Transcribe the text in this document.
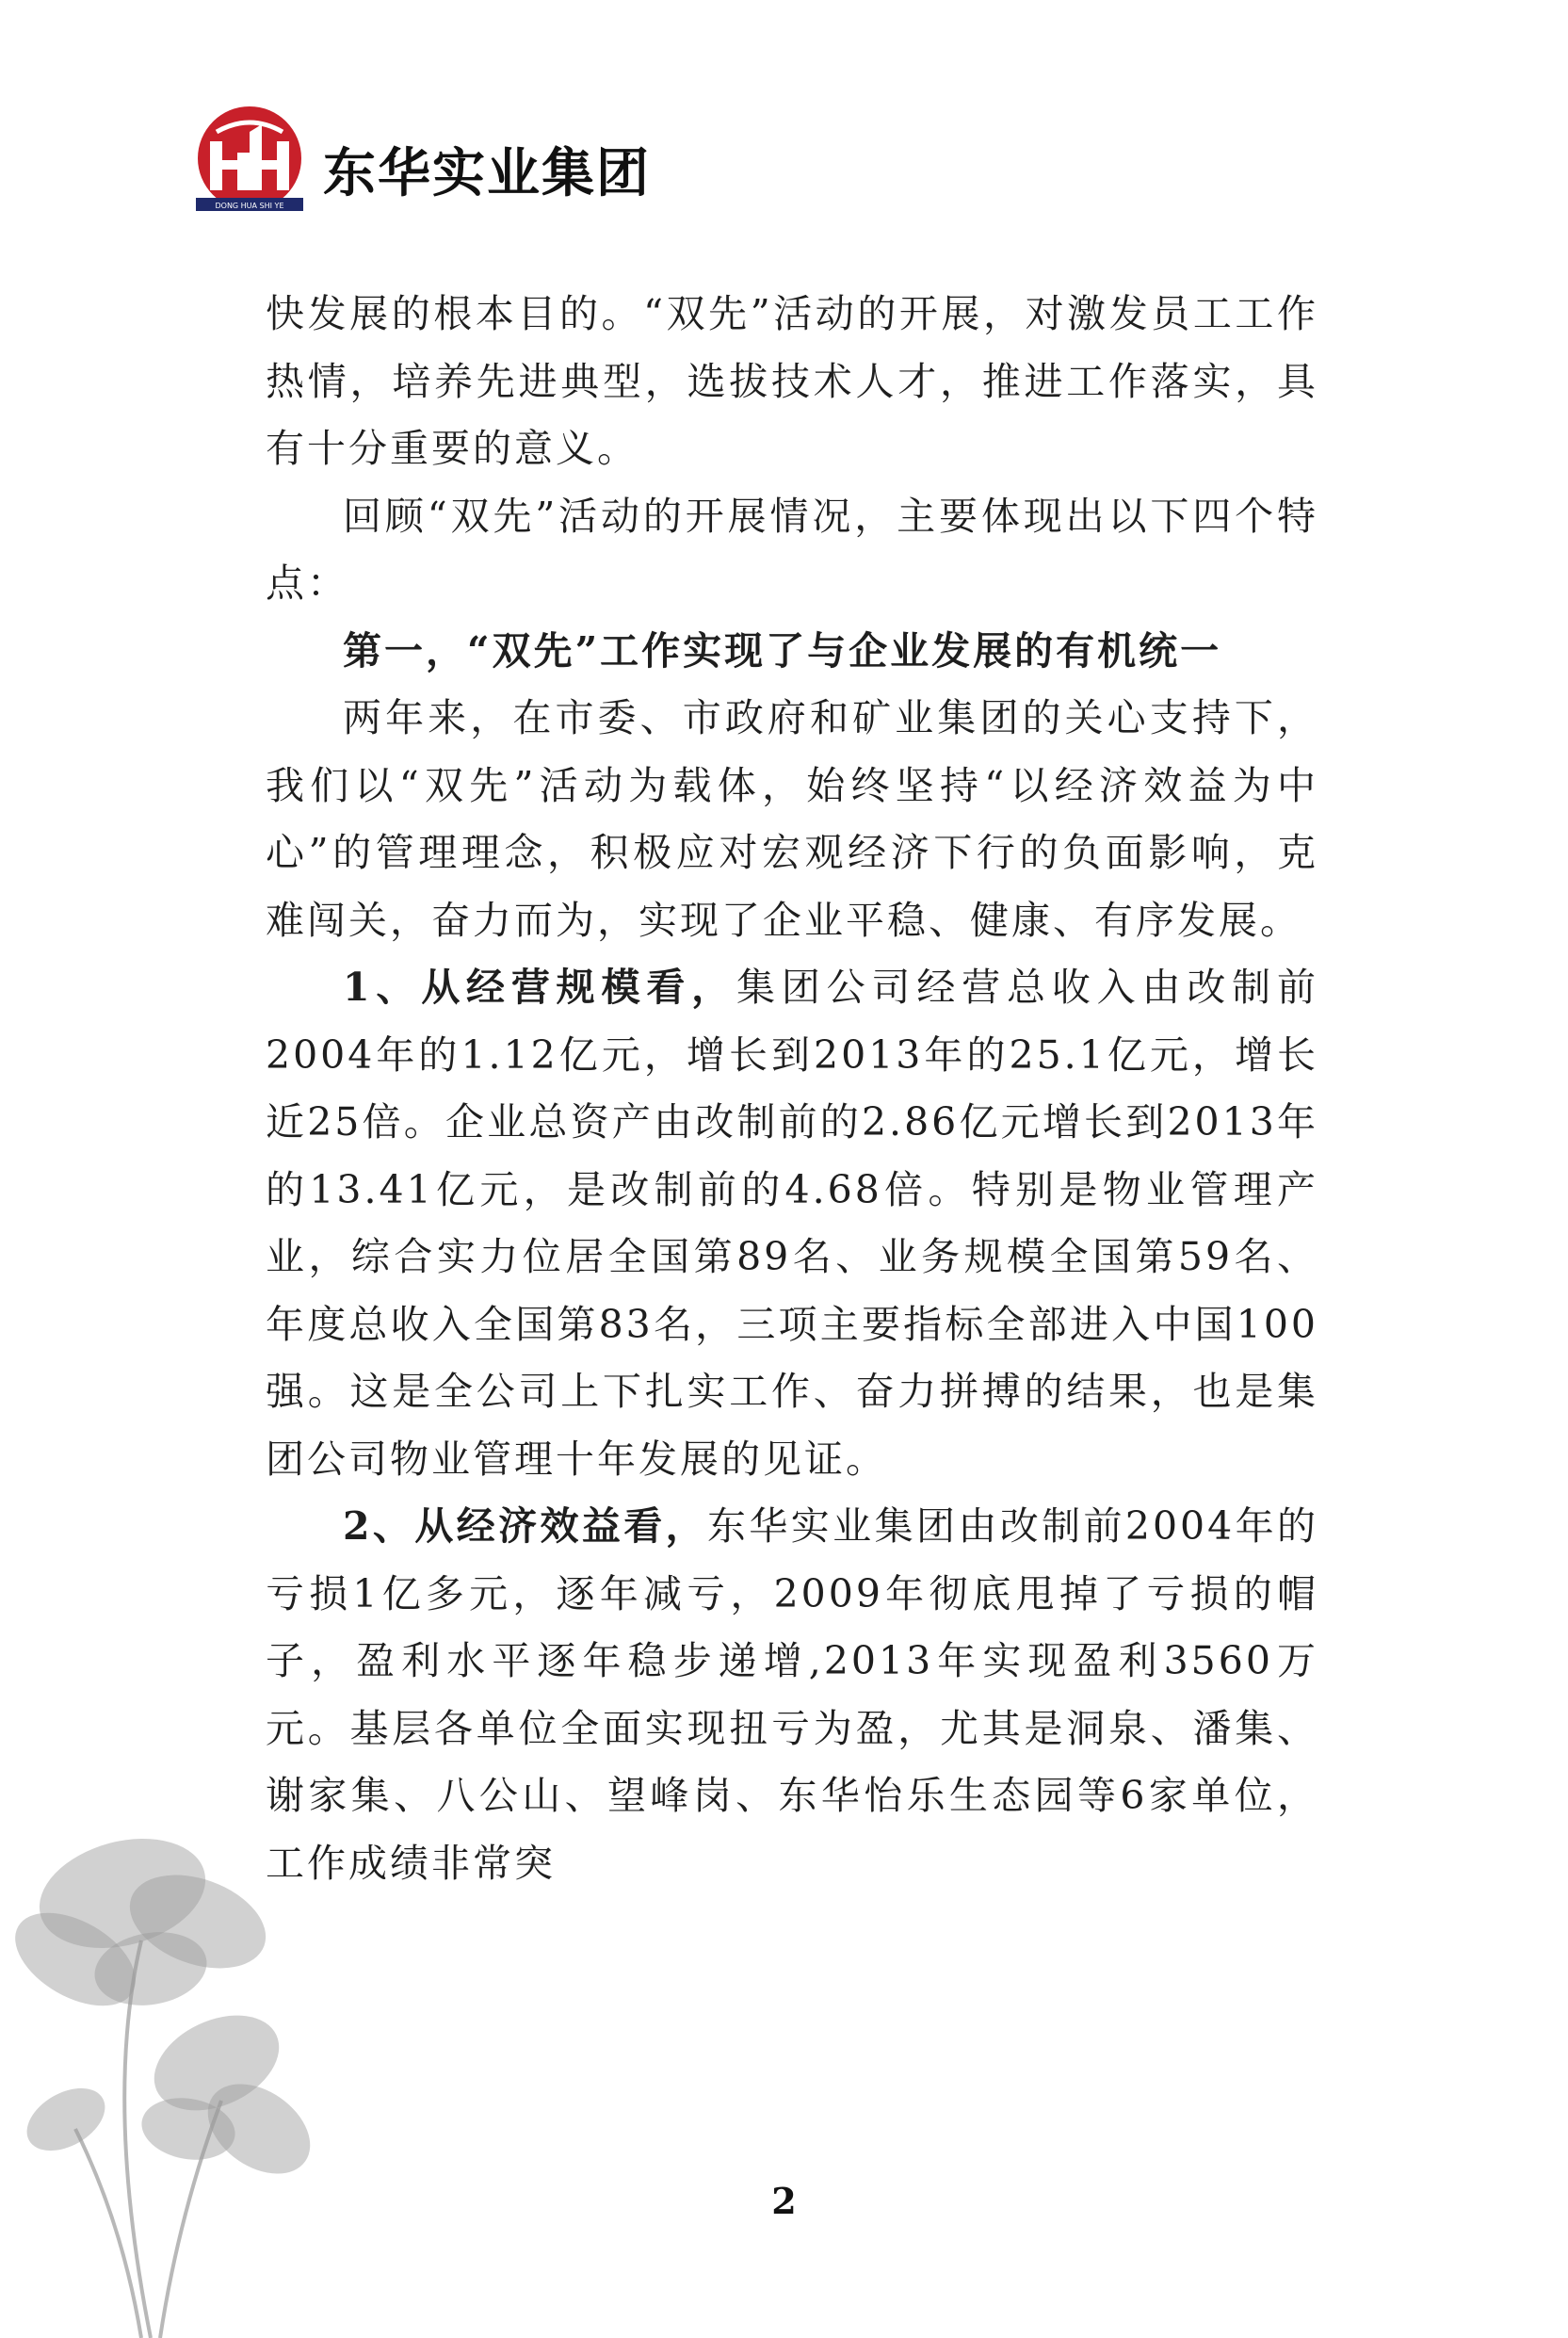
DONG HUA SHI YE
东华实业集团

快发展的根本目的。“双先”活动的开展，对激发员工工作热情，培养先进典型，选拔技术人才，推进工作落实，具有十分重要的意义。

回顾“双先”活动的开展情况，主要体现出以下四个特点：

第一，“双先”工作实现了与企业发展的有机统一

两年来，在市委、市政府和矿业集团的关心支持下，我们以“双先”活动为载体，始终坚持“以经济效益为中心”的管理理念，积极应对宏观经济下行的负面影响，克难闯关，奋力而为，实现了企业平稳、健康、有序发展。

1、从经营规模看，集团公司经营总收入由改制前2004年的1.12亿元，增长到2013年的25.1亿元，增长近25倍。企业总资产由改制前的2.86亿元增长到2013年的13.41亿元，是改制前的4.68倍。特别是物业管理产业，综合实力位居全国第89名、业务规模全国第59名、年度总收入全国第83名，三项主要指标全部进入中国100强。这是全公司上下扎实工作、奋力拼搏的结果，也是集团公司物业管理十年发展的见证。

2、从经济效益看，东华实业集团由改制前2004年的亏损1亿多元，逐年减亏，2009年彻底甩掉了亏损的帽子，盈利水平逐年稳步递增,2013年实现盈利3560万元。基层各单位全面实现扭亏为盈，尤其是洞泉、潘集、谢家集、八公山、望峰岗、东华怡乐生态园等6家单位，工作成绩非常突

2
